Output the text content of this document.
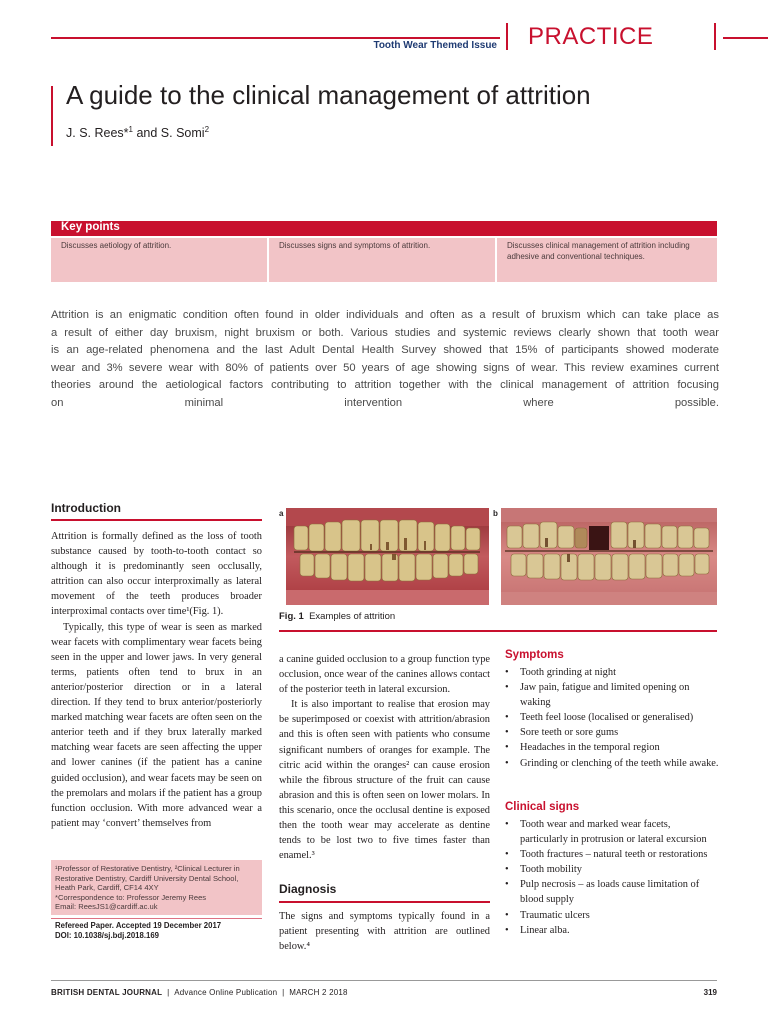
Tooth Wear Themed Issue PRACTICE
A guide to the clinical management of attrition
J. S. Rees*$^1$ and S. Somi$^2$
Key points
Discusses aetiology of attrition.	Discusses signs and symptoms of attrition.	Discusses clinical management of attrition including adhesive and conventional techniques.
Attrition is an enigmatic condition often found in older individuals and often as a result of bruxism which can take place as
a result of either day bruxism, night bruxism or both. Various studies and systemic reviews clearly shown that tooth wear
is an age-related phenomena and the last Adult Dental Health Survey showed that 15% of participants showed moderate
wear and 3% severe wear with 80% of patients over 50 years of age showing signs of wear. This review examines current
theories around the aetiological factors contributing to attrition together with the clinical management of attrition focusing
on minimal intervention where possible.
Introduction

Attrition is formally defined as the loss of tooth substance caused by tooth-to-tooth contact so although it is predominantly seen occlusally, attrition can also occur interproximally as lateral movement of the teeth produces broader interproximal contacts over time¹(Fig. 1).

Typically, this type of wear is seen as marked wear facets with complimentary wear facets being seen in the upper and lower jaws. In very general terms, patients often tend to brux in an anterior/posterior direction or in a lateral direction. If they tend to brux anterior/posteriorly marked matching wear facets are often seen on the anterior teeth and if they brux laterally marked matching wear facets are seen affecting the upper and lower canines (if the patient has a canine guided occlusion), and wear facets may be seen on the premolars and molars if the patient has a group function occlusion. With more advanced wear a patient may ‘convert’ themselves from

a	b
Fig. 1 Examples of attrition

a canine guided occlusion to a group function type occlusion, once wear of the canines allows contact of the posterior teeth in lateral excursion.

It is also important to realise that erosion may be superimposed or coexist with attrition/abrasion and this is often seen with patients who consume significant numbers of oranges for example. The citric acid within the oranges² can cause erosion while the fibrous structure of the fruit can cause abrasion and this is often seen on lower molars. In this scenario, once the occlusal dentine is exposed then the tooth wear may accelerate as dentine tends to be lost two to five times faster than enamel.³

Diagnosis

The signs and symptoms typically found in a patient presenting with attrition are outlined below.⁴

Symptoms
• Tooth grinding at night
• Jaw pain, fatigue and limited opening on waking
• Teeth feel loose (localised or generalised)
• Sore teeth or sore gums
• Headaches in the temporal region
• Grinding or clenching of the teeth while awake.
Clinical signs
• Tooth wear and marked wear facets, particularly in protrusion or lateral excursion
• Tooth fractures – natural teeth or restorations
• Tooth mobility
• Pulp necrosis – as loads cause limitation of blood supply
• Traumatic ulcers
• Linear alba.
¹Professor of Restorative Dentistry, ²Clinical Lecturer in Restorative Dentistry, Cardiff University Dental School, Heath Park, Cardiff, CF14 4XY
*Correspondence to: Professor Jeremy Rees
Email: ReesJS1@cardiff.ac.uk
Refereed Paper. Accepted 19 December 2017
DOI: 10.1038/sj.bdj.2018.169
BRITISH DENTAL JOURNAL | Advance Online Publication | MARCH 2 2018	319
